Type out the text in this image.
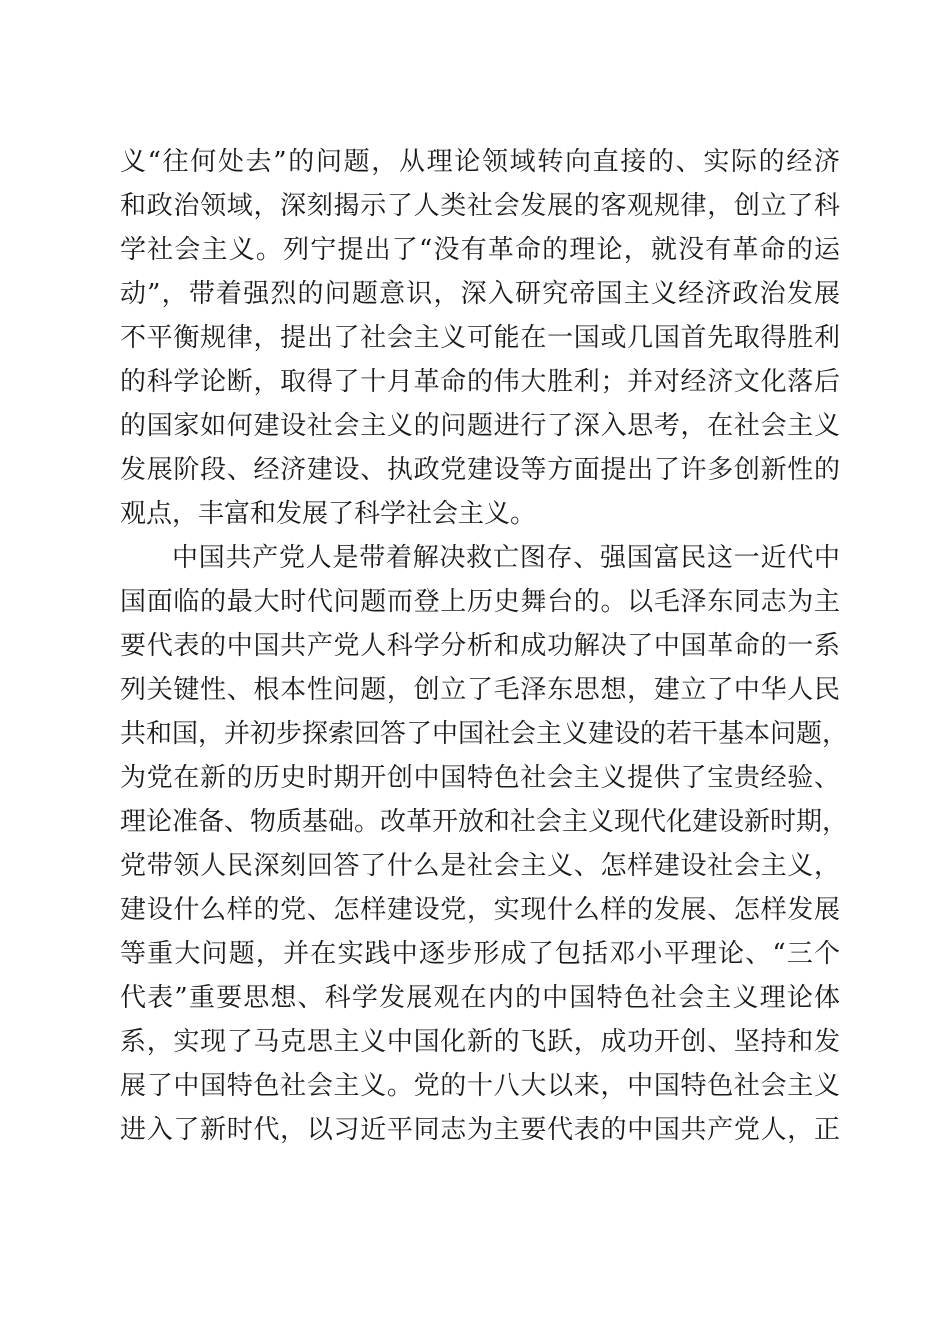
义“往何处去”的问题，从理论领域转向直接的、实际的经济
和政治领域，深刻揭示了人类社会发展的客观规律，创立了科
学社会主义。列宁提出了“没有革命的理论，就没有革命的运
动”，带着强烈的问题意识，深入研究帝国主义经济政治发展
不平衡规律，提出了社会主义可能在一国或几国首先取得胜利
的科学论断，取得了十月革命的伟大胜利；并对经济文化落后
的国家如何建设社会主义的问题进行了深入思考，在社会主义
发展阶段、经济建设、执政党建设等方面提出了许多创新性的
观点，丰富和发展了科学社会主义。
中国共产党人是带着解决救亡图存、强国富民这一近代中
国面临的最大时代问题而登上历史舞台的。以毛泽东同志为主
要代表的中国共产党人科学分析和成功解决了中国革命的一系
列关键性、根本性问题，创立了毛泽东思想，建立了中华人民
共和国，并初步探索回答了中国社会主义建设的若干基本问题，
为党在新的历史时期开创中国特色社会主义提供了宝贵经验、
理论准备、物质基础。改革开放和社会主义现代化建设新时期，
党带领人民深刻回答了什么是社会主义、怎样建设社会主义，
建设什么样的党、怎样建设党，实现什么样的发展、怎样发展
等重大问题，并在实践中逐步形成了包括邓小平理论、“三个
代表”重要思想、科学发展观在内的中国特色社会主义理论体
系，实现了马克思主义中国化新的飞跃，成功开创、坚持和发
展了中国特色社会主义。党的十八大以来，中国特色社会主义
进入了新时代，以习近平同志为主要代表的中国共产党人，正
